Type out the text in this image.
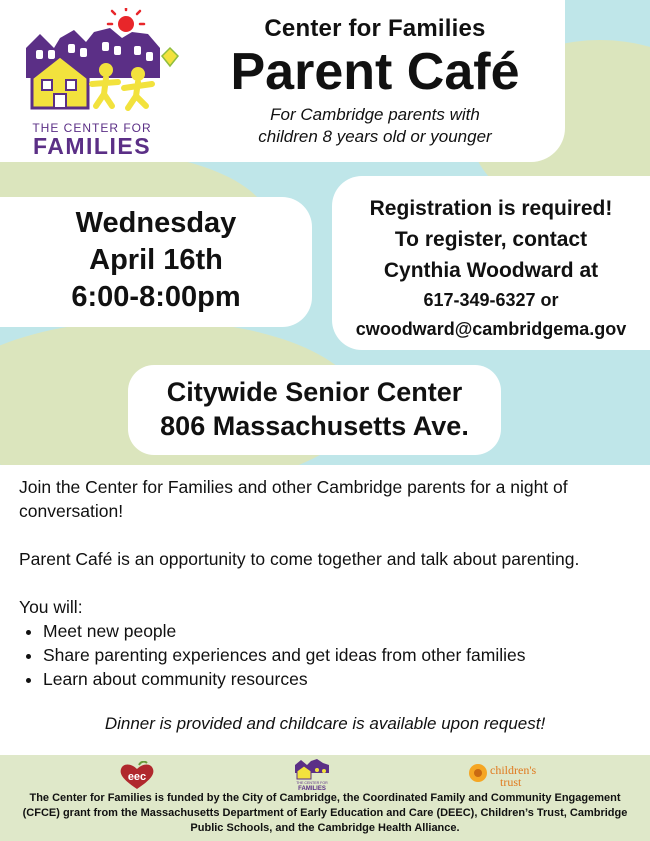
THE CENTER FOR
FAMILIES
Center for Families
Parent Café
For Cambridge parents with
children 8 years old or younger
Wednesday
April 16th
6:00-8:00pm
Registration is required!
To register, contact
Cynthia Woodward at
617-349-6327 or
cwoodward@cambridgema.gov
Citywide Senior Center
806 Massachusetts Ave.

Join the Center for Families and other Cambridge parents for a night of conversation!

Parent Café is an opportunity to come together and talk about parenting.

You will:

• Meet new people
• Share parenting experiences and get ideas from other families
• Learn about community resources
Dinner is provided and childcare is available upon request!
eec	THE CENTER FOR
FAMILIES
children's
trust
The Center for Families is funded by the City of Cambridge, the Coordinated Family and Community Engagement (CFCE) grant from the Massachusetts Department of Early Education and Care (DEEC), Children’s Trust, Cambridge Public Schools, and the Cambridge Health Alliance.
